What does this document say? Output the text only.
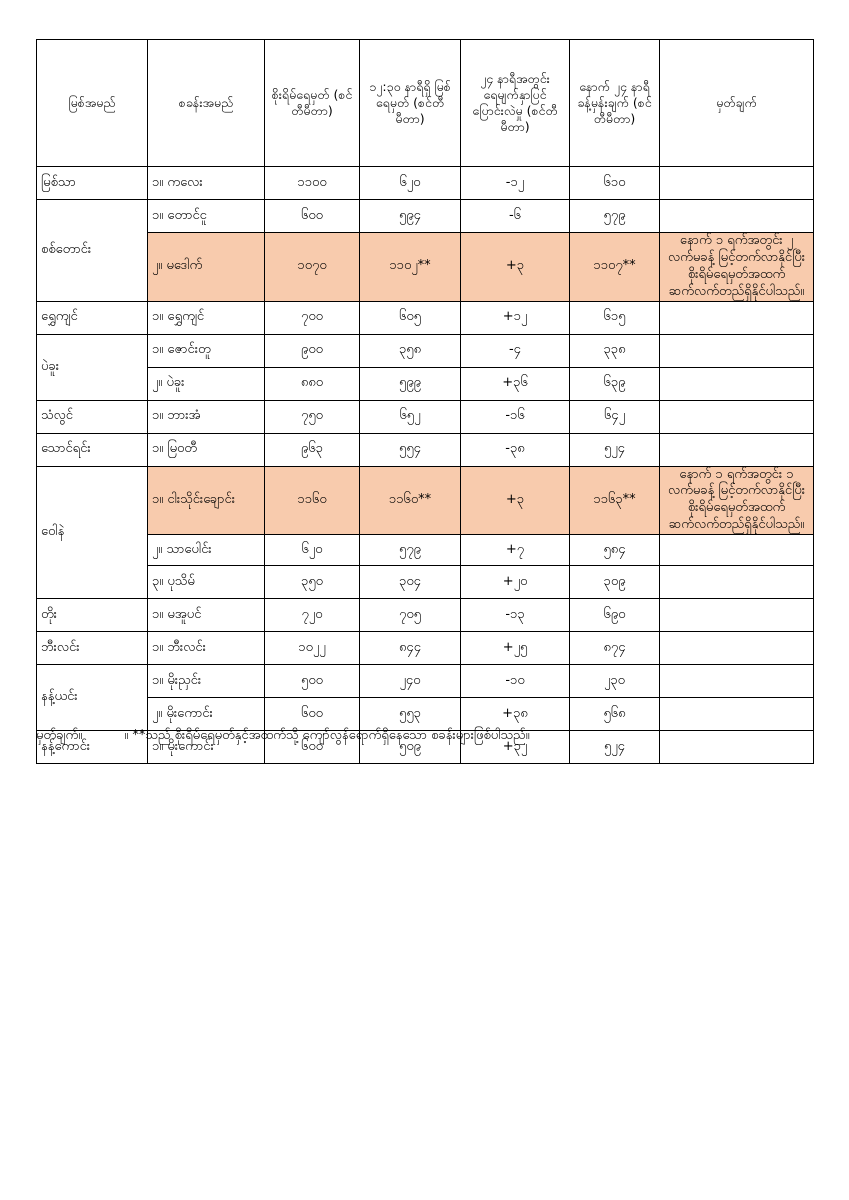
မြစ်အမည်	စခန်းအမည်	စိုးရိမ်ရေမှတ် (စင်တီမီတာ)	၁၂:၃၀ နာရီရှိ မြစ်ရေမှတ် (စင်တီမီတာ)	၂၄ နာရီအတွင်း ရေမျက်နှာပြင် ပြောင်းလဲမှု (စင်တီမီတာ)	နောက် ၂၄ နာရီ ခန့်မှန်းချက် (စင်တီမီတာ)	မှတ်ချက်
မြစ်သာ	၁။ ကလေး	၁၁၀၀	၆၂၀	-၁၂	၆၁၀	
စစ်တောင်း	၁။ တောင်ငူ	၆၀၀	၅၉၄	-၆	၅၇၉	
	၂။ မဒေါက်	၁၀၇၀	၁၁၀၂**	+၃	၁၁၀၇**	နောက် ၁ ရက်အတွင်း ၂ လက်မခန့် မြင့်တက်လာနိုင်ပြီး စိုးရိမ်ရေမှတ်အထက် ဆက်လက်တည်ရှိနိုင်ပါသည်။
ရွှေကျင်	၁။ ရွှေကျင်	၇၀၀	၆၀၅	+၁၂	၆၁၅	
ပဲခူး	၁။ ဇောင်းတူ	၉၀၀	၃၅၈	-၄	၃၃၈	
	၂။ ပဲခူး	၈၈၀	၅၉၉	+၃၆	၆၃၉	
သံလွင်	၁။ ဘားအံ	၇၅၀	၆၅၂	-၁၆	၆၄၂	
သောင်ရင်း	၁။ မြဝတီ	၉၆၃	၅၅၄	-၃၈	၅၂၄	
ဝေါနဲ	၁။ ငါးသိုင်းချောင်း	၁၁၆၀	၁၁၆၀**	+၃	၁၁၆၃**	နောက် ၁ ရက်အတွင်း ၁ လက်မခန့် မြင့်တက်လာနိုင်ပြီး စိုးရိမ်ရေမှတ်အထက် ဆက်လက်တည်ရှိနိုင်ပါသည်။
	၂။ သာပေါင်း	၆၂၀	၅၇၉	+၇	၅၈၄	
	၃။ ပုသိမ်	၃၅၀	၃၀၄	+၂၀	၃၀၉	
တိုး	၁။ မအူပင်	၇၂၀	၇၀၅	-၁၃	၆၉၀	
ဘီးလင်း	၁။ ဘီးလင်း	၁၀၂၂	၈၄၄	+၂၅	၈၇၄	
နန့်ယင်း	၁။ မိုးညှင်း	၅၀၀	၂၄၀	-၁၀	၂၃၀	
	၂။ မိုးကောင်း	၆၀၀	၅၅၃	+၃၈	၅၆၈	
နန့်ကောင်း	၁။ မိုးကောင်း	၆၀၀	၅၀၉	+၃၂	၅၂၄	
မှတ်ချက်။	။ **သည် စိုးရိမ်ရေမှတ်နှင့်အထက်သို့ ကျော်လွန်ရောက်ရှိနေသော စခန်းများဖြစ်ပါသည်။
